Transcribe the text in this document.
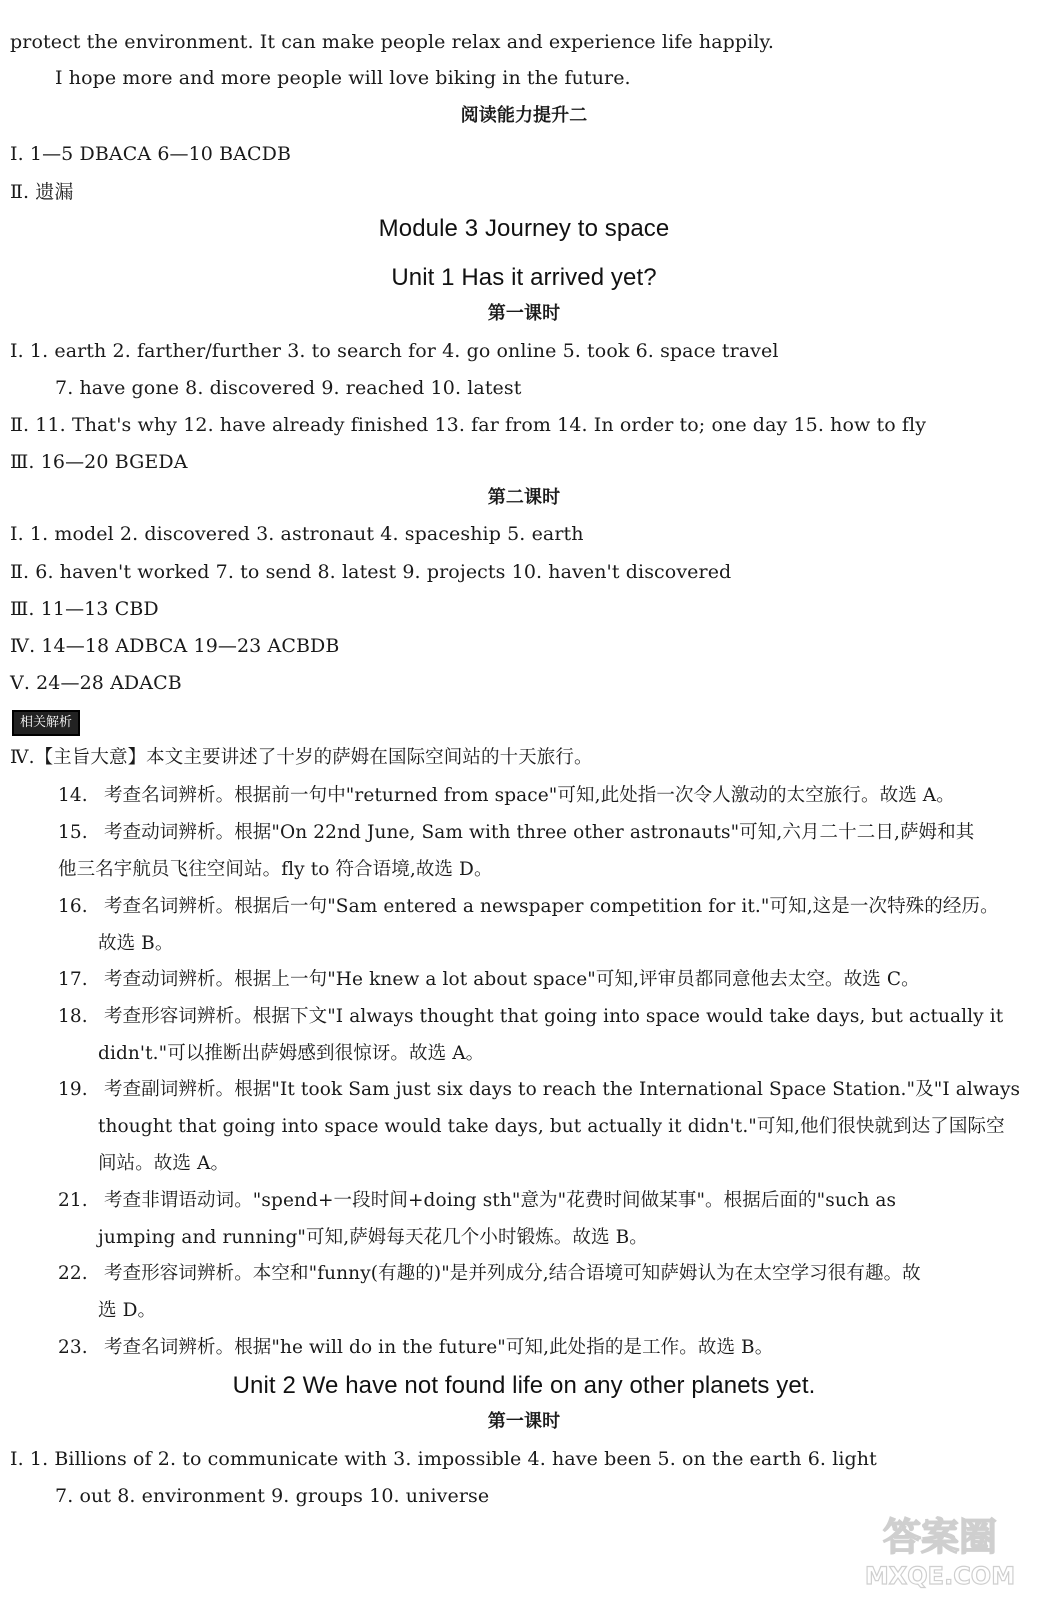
protect the environment. It can make people relax and experience life happily.
I hope more and more people will love biking in the future.
阅读能力提升二
Ⅰ. 1—5 DBACA 6—10 BACDB
Ⅱ. 遗漏
Module 3 Journey to space
Unit 1 Has it arrived yet?
第一课时
Ⅰ. 1. earth 2. farther/further 3. to search for 4. go online 5. took 6. space travel
7. have gone 8. discovered 9. reached 10. latest
Ⅱ. 11. That's why 12. have already finished 13. far from 14. In order to; one day 15. how to fly
Ⅲ. 16—20 BGEDA
第二课时
Ⅰ. 1. model 2. discovered 3. astronaut 4. spaceship 5. earth
Ⅱ. 6. haven't worked 7. to send 8. latest 9. projects 10. haven't discovered
Ⅲ. 11—13 CBD
Ⅳ. 14—18 ADBCA 19—23 ACBDB
Ⅴ. 24—28 ADACB
相关解析
Ⅳ.【主旨大意】本文主要讲述了十岁的萨姆在国际空间站的十天旅行。
14. 考查名词辨析。根据前一句中"returned from space"可知,此处指一次令人激动的太空旅行。故选 A。
15. 考查动词辨析。根据"On 22nd June, Sam with three other astronauts"可知,六月二十二日,萨姆和其
他三名宇航员飞往空间站。fly to 符合语境,故选 D。
16. 考查名词辨析。根据后一句"Sam entered a newspaper competition for it."可知,这是一次特殊的经历。
故选 B。
17. 考查动词辨析。根据上一句"He knew a lot about space"可知,评审员都同意他去太空。故选 C。
18. 考查形容词辨析。根据下文"I always thought that going into space would take days, but actually it
didn't."可以推断出萨姆感到很惊讶。故选 A。
19. 考查副词辨析。根据"It took Sam just six days to reach the International Space Station."及"I always
thought that going into space would take days, but actually it didn't."可知,他们很快就到达了国际空
间站。故选 A。
21. 考查非谓语动词。"spend+一段时间+doing sth"意为"花费时间做某事"。根据后面的"such as
jumping and running"可知,萨姆每天花几个小时锻炼。故选 B。
22. 考查形容词辨析。本空和"funny(有趣的)"是并列成分,结合语境可知萨姆认为在太空学习很有趣。故
选 D。
23. 考查名词辨析。根据"he will do in the future"可知,此处指的是工作。故选 B。
Unit 2 We have not found life on any other planets yet.
第一课时
Ⅰ. 1. Billions of 2. to communicate with 3. impossible 4. have been 5. on the earth 6. light
7. out 8. environment 9. groups 10. universe
答案圈
MXQE.COM
